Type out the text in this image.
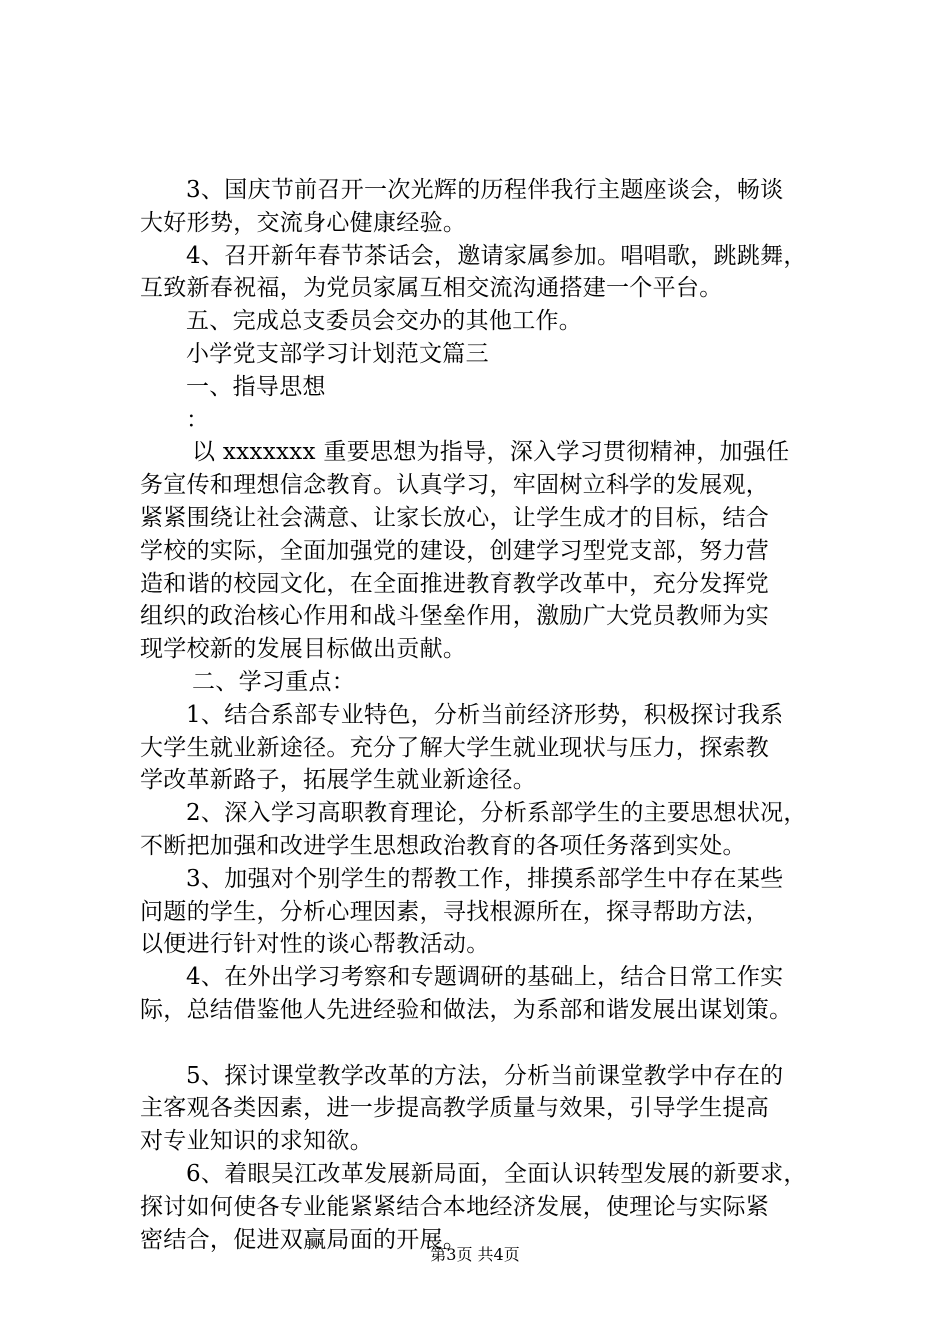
3、国庆节前召开一次光辉的历程伴我行主题座谈会，畅谈
大好形势，交流身心健康经验。
4、召开新年春节茶话会，邀请家属参加。唱唱歌，跳跳舞，
互致新春祝福，为党员家属互相交流沟通搭建一个平台。
五、完成总支委员会交办的其他工作。
小学党支部学习计划范文篇三
一、指导思想
：
以 xxxxxxx 重要思想为指导，深入学习贯彻精神，加强任
务宣传和理想信念教育。认真学习，牢固树立科学的发展观，
紧紧围绕让社会满意、让家长放心，让学生成才的目标，结合
学校的实际，全面加强党的建设，创建学习型党支部，努力营
造和谐的校园文化，在全面推进教育教学改革中，充分发挥党
组织的政治核心作用和战斗堡垒作用，激励广大党员教师为实
现学校新的发展目标做出贡献。
二、学习重点：
1、结合系部专业特色，分析当前经济形势，积极探讨我系
大学生就业新途径。充分了解大学生就业现状与压力，探索教
学改革新路子，拓展学生就业新途径。
2、深入学习高职教育理论，分析系部学生的主要思想状况，
不断把加强和改进学生思想政治教育的各项任务落到实处。
3、加强对个别学生的帮教工作，排摸系部学生中存在某些
问题的学生，分析心理因素，寻找根源所在，探寻帮助方法，
以便进行针对性的谈心帮教活动。
4、在外出学习考察和专题调研的基础上，结合日常工作实
际，总结借鉴他人先进经验和做法，为系部和谐发展出谋划策。
5、探讨课堂教学改革的方法，分析当前课堂教学中存在的
主客观各类因素，进一步提高教学质量与效果，引导学生提高
对专业知识的求知欲。
6、着眼吴江改革发展新局面，全面认识转型发展的新要求，
探讨如何使各专业能紧紧结合本地经济发展，使理论与实际紧
密结合，促进双赢局面的开展。
第3页 共4页
